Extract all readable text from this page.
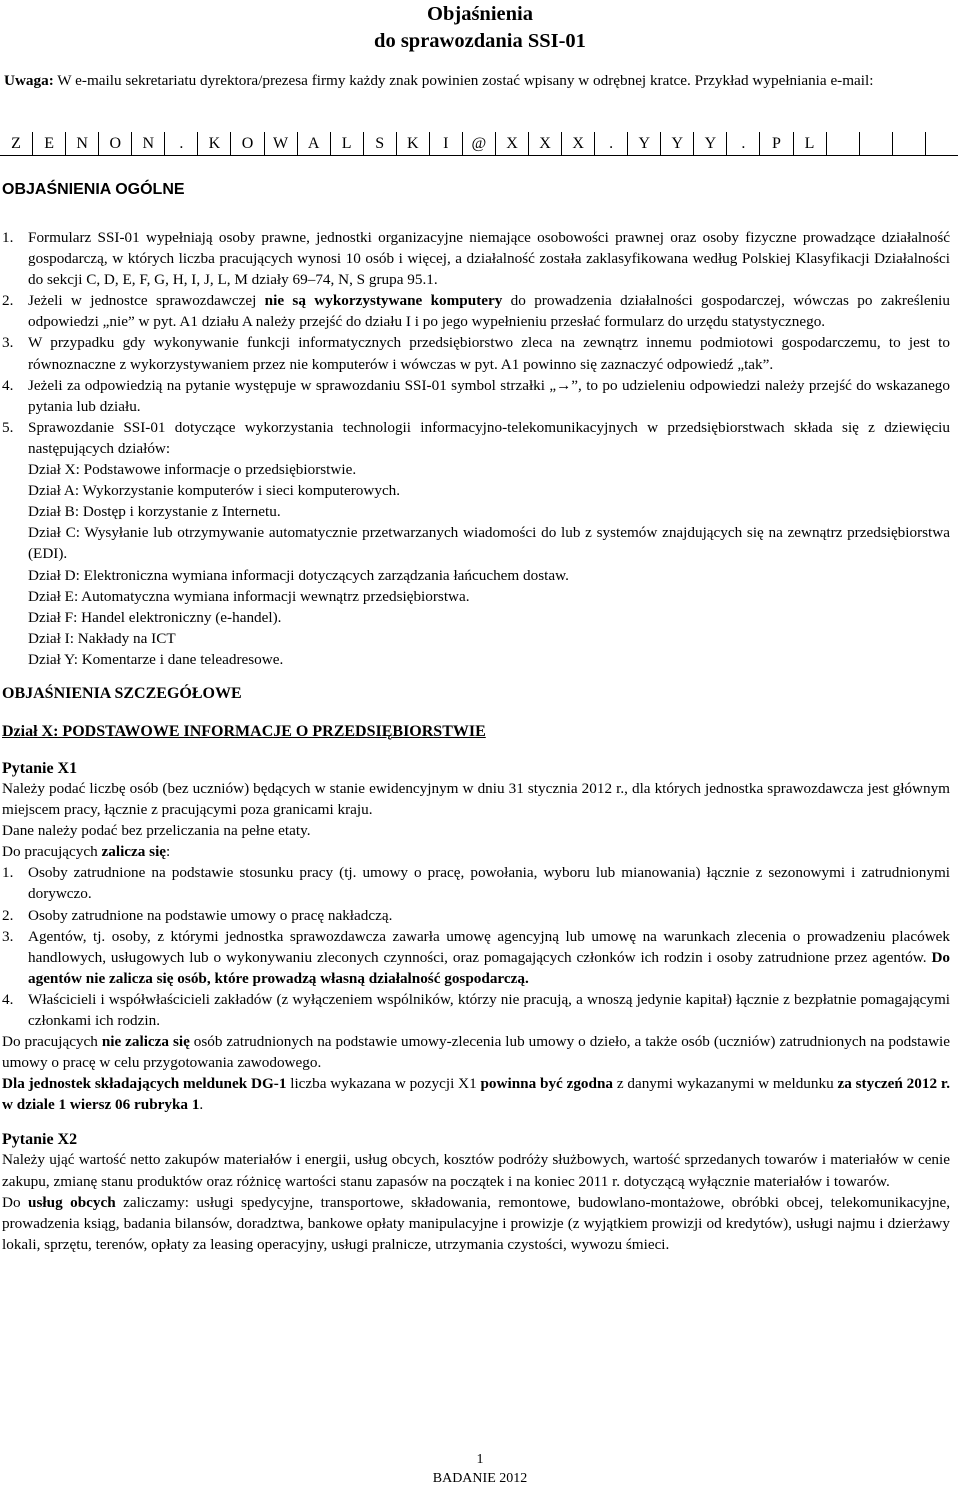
Objaśnienia
do sprawozdania SSI-01
Uwaga: W e-mailu sekretariatu dyrektora/prezesa firmy każdy znak powinien zostać wpisany w odrębnej kratce. Przykład wypełniania e-mail:
Z	E	N	O	N	.	K	O	W	A	L	S	K	I	@	X	X	X	.	Y	Y	Y	.	P	L
OBJAŚNIENIA OGÓLNE
1. Formularz SSI-01 wypełniają osoby prawne, jednostki organizacyjne niemające osobowości prawnej oraz osoby fizyczne prowadzące działalność gospodarczą, w których liczba pracujących wynosi 10 osób i więcej, a działalność została zaklasyfikowana według Polskiej Klasyfikacji Działalności do sekcji C, D, E, F, G, H, I, J, L, M działy 69–74, N, S grupa 95.1.
2. Jeżeli w jednostce sprawozdawczej nie są wykorzystywane komputery do prowadzenia działalności gospodarczej, wówczas po zakreśleniu odpowiedzi „nie” w pyt. A1 działu A należy przejść do działu I i po jego wypełnieniu przesłać formularz do urzędu statystycznego.
3. W przypadku gdy wykonywanie funkcji informatycznych przedsiębiorstwo zleca na zewnątrz innemu podmiotowi gospodarczemu, to jest to równoznaczne z wykorzystywaniem przez nie komputerów i wówczas w pyt. A1 powinno się zaznaczyć odpowiedź „tak”.
4. Jeżeli za odpowiedzią na pytanie występuje w sprawozdaniu SSI-01 symbol strzałki „→”, to po udzieleniu odpowiedzi należy przejść do wskazanego pytania lub działu.
5. Sprawozdanie SSI-01 dotyczące wykorzystania technologii informacyjno-telekomunikacyjnych w przedsiębiorstwach składa się z dziewięciu następujących działów:
Dział X: Podstawowe informacje o przedsiębiorstwie.
Dział A: Wykorzystanie komputerów i sieci komputerowych.
Dział B: Dostęp i korzystanie z Internetu.
Dział C: Wysyłanie lub otrzymywanie automatycznie przetwarzanych wiadomości do lub z systemów znajdujących się na zewnątrz przedsiębiorstwa (EDI).
Dział D: Elektroniczna wymiana informacji dotyczących zarządzania łańcuchem dostaw.
Dział E: Automatyczna wymiana informacji wewnątrz przedsiębiorstwa.
Dział F: Handel elektroniczny (e-handel).
Dział I: Nakłady na ICT
Dział Y: Komentarze i dane teleadresowe.
OBJAŚNIENIA SZCZEGÓŁOWE
Dział X: PODSTAWOWE INFORMACJE O PRZEDSIĘBIORSTWIE
Pytanie X1
Należy podać liczbę osób (bez uczniów) będących w stanie ewidencyjnym w dniu 31 stycznia 2012 r., dla których jednostka sprawozdawcza jest głównym miejscem pracy, łącznie z pracującymi poza granicami kraju.
Dane należy podać bez przeliczania na pełne etaty.
Do pracujących zalicza się:
1. Osoby zatrudnione na podstawie stosunku pracy (tj. umowy o pracę, powołania, wyboru lub mianowania) łącznie z sezonowymi i zatrudnionymi dorywczo.
2. Osoby zatrudnione na podstawie umowy o pracę nakładczą.
3. Agentów, tj. osoby, z którymi jednostka sprawozdawcza zawarła umowę agencyjną lub umowę na warunkach zlecenia o prowadzeniu placówek handlowych, usługowych lub o wykonywaniu zleconych czynności, oraz pomagających członków ich rodzin i osoby zatrudnione przez agentów. Do agentów nie zalicza się osób, które prowadzą własną działalność gospodarczą.
4. Właścicieli i współwłaścicieli zakładów (z wyłączeniem wspólników, którzy nie pracują, a wnoszą jedynie kapitał) łącznie z bezpłatnie pomagającymi członkami ich rodzin.
Do pracujących nie zalicza się osób zatrudnionych na podstawie umowy-zlecenia lub umowy o dzieło, a także osób (uczniów) zatrudnionych na podstawie umowy o pracę w celu przygotowania zawodowego.
Dla jednostek składających meldunek DG-1 liczba wykazana w pozycji X1 powinna być zgodna z danymi wykazanymi w meldunku za styczeń 2012 r. w dziale 1 wiersz 06 rubryka 1.
Pytanie X2
Należy ująć wartość netto zakupów materiałów i energii, usług obcych, kosztów podróży służbowych, wartość sprzedanych towarów i materiałów w cenie zakupu, zmianę stanu produktów oraz różnicę wartości stanu zapasów na początek i na koniec 2011 r. dotyczącą wyłącznie materiałów i towarów.
Do usług obcych zaliczamy: usługi spedycyjne, transportowe, składowania, remontowe, budowlano-montażowe, obróbki obcej, telekomunikacyjne, prowadzenia ksiąg, badania bilansów, doradztwa, bankowe opłaty manipulacyjne i prowizje (z wyjątkiem prowizji od kredytów), usługi najmu i dzierżawy lokali, sprzętu, terenów, opłaty za leasing operacyjny, usługi pralnicze, utrzymania czystości, wywozu śmieci.
1
BADANIE 2012
